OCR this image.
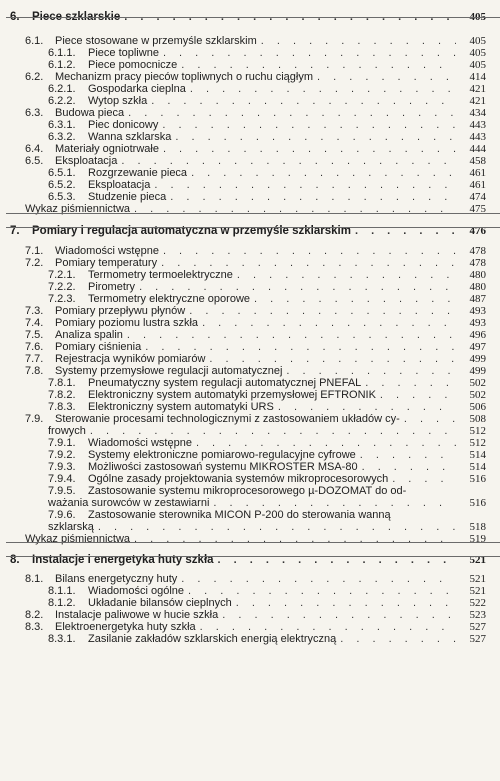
6.	Piece szklarskie . . .	405
6.1.	Piece stosowane w przemyśle szklarskim . . .	405
6.1.1.	Piece topliwne . . .	405
6.1.2.	Piece pomocnicze . . .	405
6.2.	Mechanizm pracy pieców topliwnych o ruchu ciągłym . . .	414
6.2.1.	Gospodarka cieplna . . .	421
6.2.2.	Wytop szkła . . .	421
6.3.	Budowa pieca . . .	434
6.3.1.	Piec donicowy . . .	443
6.3.2.	Wanna szklarska . . .	443
6.4.	Materiały ogniotrwałe . . .	444
6.5.	Eksploatacja . . .	458
6.5.1.	Rozgrzewanie pieca . . .	461
6.5.2.	Eksploatacja . . .	461
6.5.3.	Studzenie pieca . . .	474
Wykaz piśmiennictwa . . .	475
7.	Pomiary i regulacja automatyczna w przemyśle szklarskim . . .	476
7.1.	Wiadomości wstępne . . .	478
7.2.	Pomiary temperatury . . .	478
7.2.1.	Termometry termoelektryczne . . .	480
7.2.2.	Pirometry . . .	480
7.2.3.	Termometry elektryczne oporowe . . .	487
7.3.	Pomiary przepływu płynów . . .	493
7.4.	Pomiary poziomu lustra szkła . . .	493
7.5.	Analiza spalin . . .	496
7.6.	Pomiary ciśnienia . . .	497
7.7.	Rejestracja wyników pomiarów . . .	499
7.8.	Systemy przemysłowe regulacji automatycznej . . .	499
7.8.1.	Pneumatyczny system regulacji automatycznej PNEFAL . . .	502
7.8.2.	Elektroniczny system automatyki przemysłowej EFTRONIK . . .	502
7.8.3.	Elektroniczny system automatyki URS . . .	506
7.9.	Sterowanie procesami technologicznymi z zastosowaniem układów cy- . . .	508
frowych . . .	512
7.9.1.	Wiadomości wstępne . . .	512
7.9.2.	Systemy elektroniczne pomiarowo-regulacyjne cyfrowe . . .	514
7.9.3.	Możliwości zastosowań systemu MIKROSTER MSA-80 . . .	514
7.9.4.	Ogólne zasady projektowania systemów mikroprocesorowych . . .	516
7.9.5.	Zastosowanie systemu mikroprocesorowego µ-DOZOMAT do od-
ważania surowców w zestawiarni . . .	516
7.9.6.	Zastosowanie sterownika MICON P-200 do sterowania wanną
szklarską . . .	518
Wykaz piśmiennictwa . . .	519
8.	Instalacje i energetyka huty szkła . . .	521
8.1.	Bilans energetyczny huty . . .	521
8.1.1.	Wiadomości ogólne . . .	521
8.1.2.	Układanie bilansów cieplnych . . .	522
8.2.	Instalacje paliwowe w hucie szkła . . .	523
8.3.	Elektroenergetyka huty szkła . . .	527
8.3.1.	Zasilanie zakładów szklarskich energią elektryczną . . .	527
